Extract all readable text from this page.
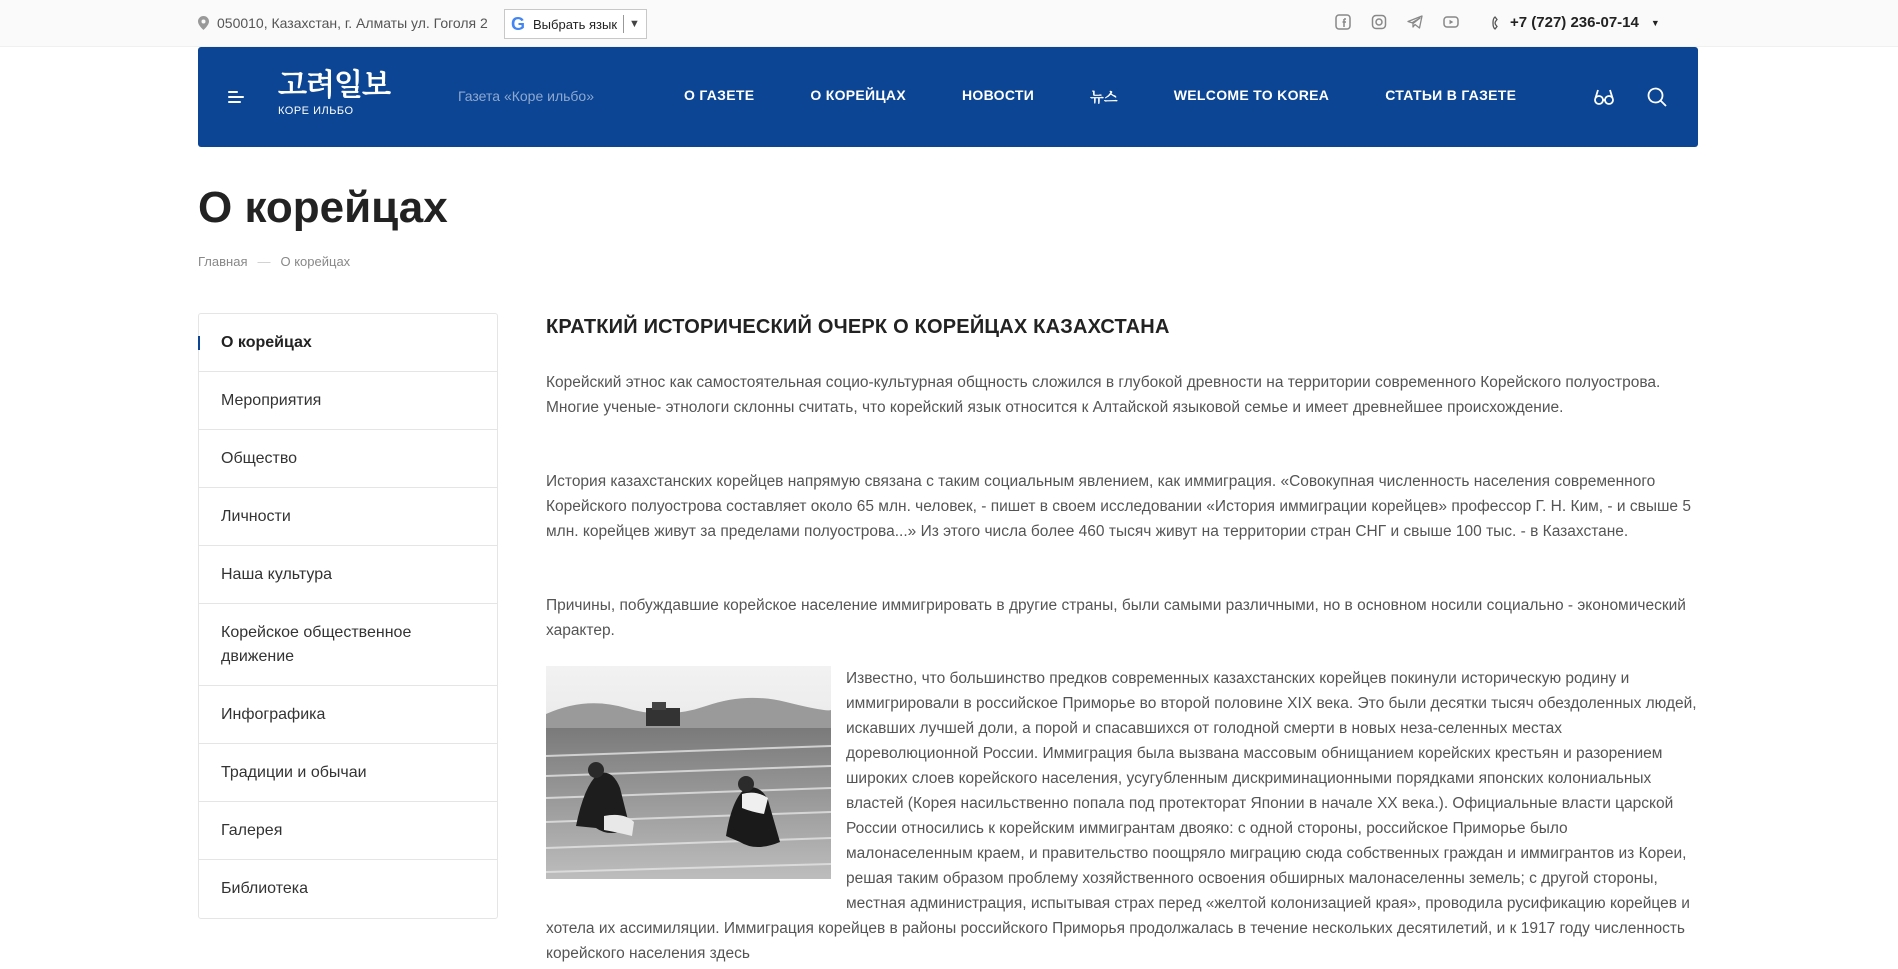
050010, Казахстан, г. Алматы ул. Гоголя 2 G Выбрать язык ▼	+7 (727) 236-07-14 ▼
고려일보
КОРЕ ИЛЬБО
Газета «Коре ильбо»	О ГАЗЕТЕ	О КОРЕЙЦАХ	НОВОСТИ	뉴스	WELCOME TO KOREA	СТАТЬИ В ГАЗЕТЕ
О корейцах
Главная — О корейцах
О корейцах
Мероприятия
Общество
Личности
Наша культура
Корейское общественное движение
Инфографика
Традиции и обычаи
Галерея
Библиотека
КРАТКИЙ ИСТОРИЧЕСКИЙ ОЧЕРК О КОРЕЙЦАХ КАЗАХСТАНА

Корейский этнос как самостоятельная социо-культурная общность сложился в глубокой древности на территории современного Корейского полуострова. Многие ученые- этнологи склонны считать, что корейский язык относится к Алтайской языковой семье и имеет древнейшее происхождение.

История казахстанских корейцев напрямую связана с таким социальным явлением, как иммиграция. «Совокупная численность населения современного Корейского полуострова составляет около 65 млн. человек, - пишет в своем исследовании «История иммиграции корейцев» профессор Г. Н. Ким, - и свыше 5 млн. корейцев живут за пределами полуострова...» Из этого числа более 460 тысяч живут на территории стран СНГ и свыше 100 тыс. - в Казахстане.

Причины, побуждавшие корейское население иммигрировать в другие страны, были самыми различными, но в основном носили социально - экономический характер.

Известно, что большинство предков современных казахстанских корейцев покинули историческую родину и иммигрировали в российское Приморье во второй половине XIX века. Это были десятки тысяч обездоленных людей, искавших лучшей доли, а порой и спасавшихся от голодной смерти в новых неза-селенных местах дореволюционной России. Иммиграция была вызвана массовым обнищанием корейских крестьян и разорением широких слоев корейского населения, усугубленным дискриминационными порядками японских колониальных властей (Корея насильственно попала под протекторат Японии в начале XX века.). Официальные власти царской России относились к корейским иммигрантам двояко: с одной стороны, российское Приморье было малонаселенным краем, и правительство поощряло миграцию сюда собственных граждан и иммигрантов из Кореи, решая таким образом проблему хозяйственного освоения обширных малонаселенны земель; с другой стороны, местная администрация, испытывая страх перед «желтой колонизацией края», проводила русификацию корейцев и хотела их ассимиляции. Иммиграция корейцев в районы российского Приморья продолжалась в течение нескольких десятилетий, и к 1917 году численность корейского населения здесь
